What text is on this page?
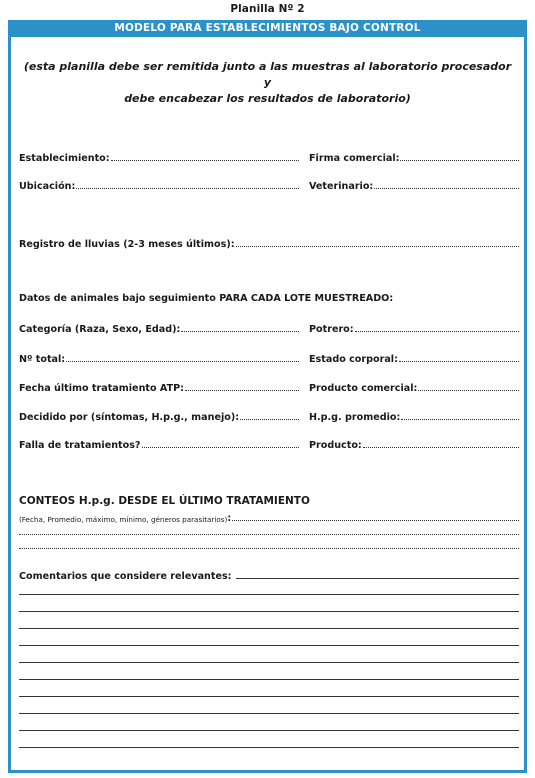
Planilla Nº 2
MODELO PARA ESTABLECIMIENTOS BAJO CONTROL
(esta planilla debe ser remitida junto a las muestras al laboratorio procesador y
debe encabezar los resultados de laboratorio)
Establecimiento:	Firma comercial:
Ubicación:	Veterinario:
Registro de lluvias (2-3 meses últimos):
Datos de animales bajo seguimiento PARA CADA LOTE MUESTREADO:
Categoría (Raza, Sexo, Edad):	Potrero:
Nº total:	Estado corporal:
Fecha último tratamiento ATP:	Producto comercial:
Decidido por (síntomas, H.p.g., manejo):	H.p.g. promedio:
Falla de tratamientos?	Producto:
CONTEOS H.p.g. DESDE EL ÚLTIMO TRATAMIENTO
(Fecha, Promedio, máximo, mínimo, géneros parasitarios) :
Comentarios que considere relevantes:
